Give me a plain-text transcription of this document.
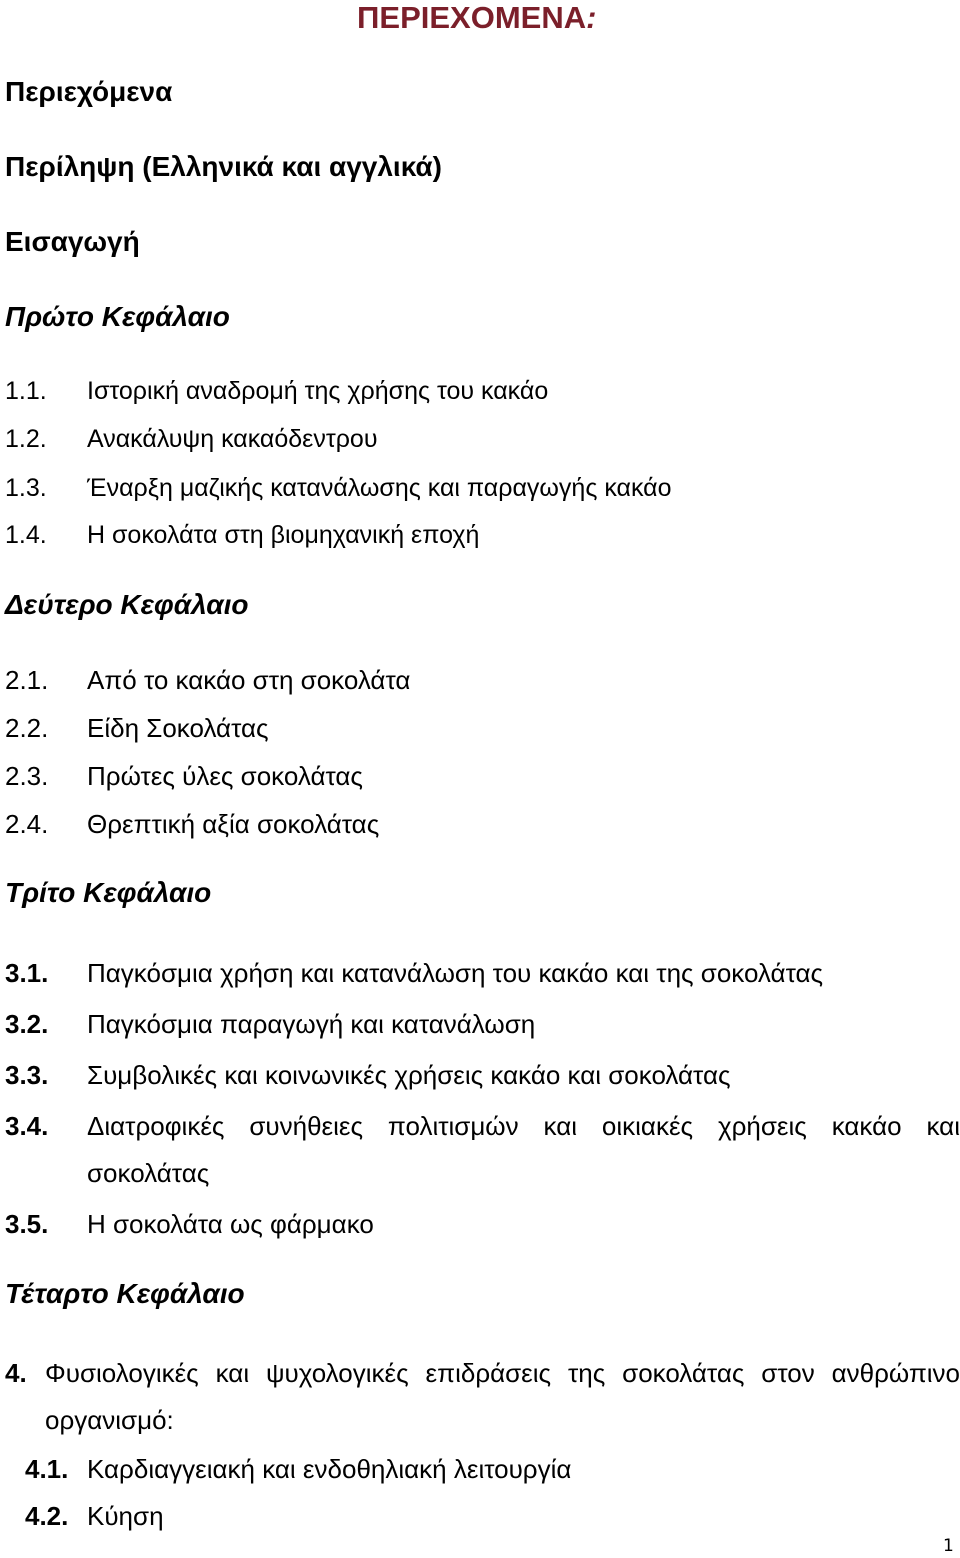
ΠΕΡΙΕΧΟΜΕΝΑ:
Περιεχόμενα
Περίληψη (Ελληνικά και αγγλικά)
Εισαγωγή
Πρώτο Κεφάλαιο
1.1. Ιστορική αναδρομή της χρήσης του κακάο
1.2. Ανακάλυψη κακαόδεντρου
1.3. Έναρξη μαζικής κατανάλωσης και παραγωγής κακάο
1.4. Η σοκολάτα στη βιομηχανική εποχή
Δεύτερο Κεφάλαιο
2.1. Από το κακάο στη σοκολάτα
2.2. Είδη Σοκολάτας
2.3. Πρώτες ύλες σοκολάτας
2.4. Θρεπτική αξία σοκολάτας
Τρίτο Κεφάλαιο
3.1. Παγκόσμια χρήση και κατανάλωση του κακάο και της σοκολάτας
3.2. Παγκόσμια παραγωγή και κατανάλωση
3.3. Συμβολικές και κοινωνικές χρήσεις κακάο και σοκολάτας
3.4. Διατροφικές συνήθειες πολιτισμών και οικιακές χρήσεις κακάο και
σοκολάτας
3.5. Η σοκολάτα ως φάρμακο
Τέταρτο Κεφάλαιο
4. Φυσιολογικές και ψυχολογικές επιδράσεις της σοκολάτας στον ανθρώπινο
οργανισμό:
4.1. Καρδιαγγειακή και ενδοθηλιακή λειτουργία
4.2. Κύηση
1
